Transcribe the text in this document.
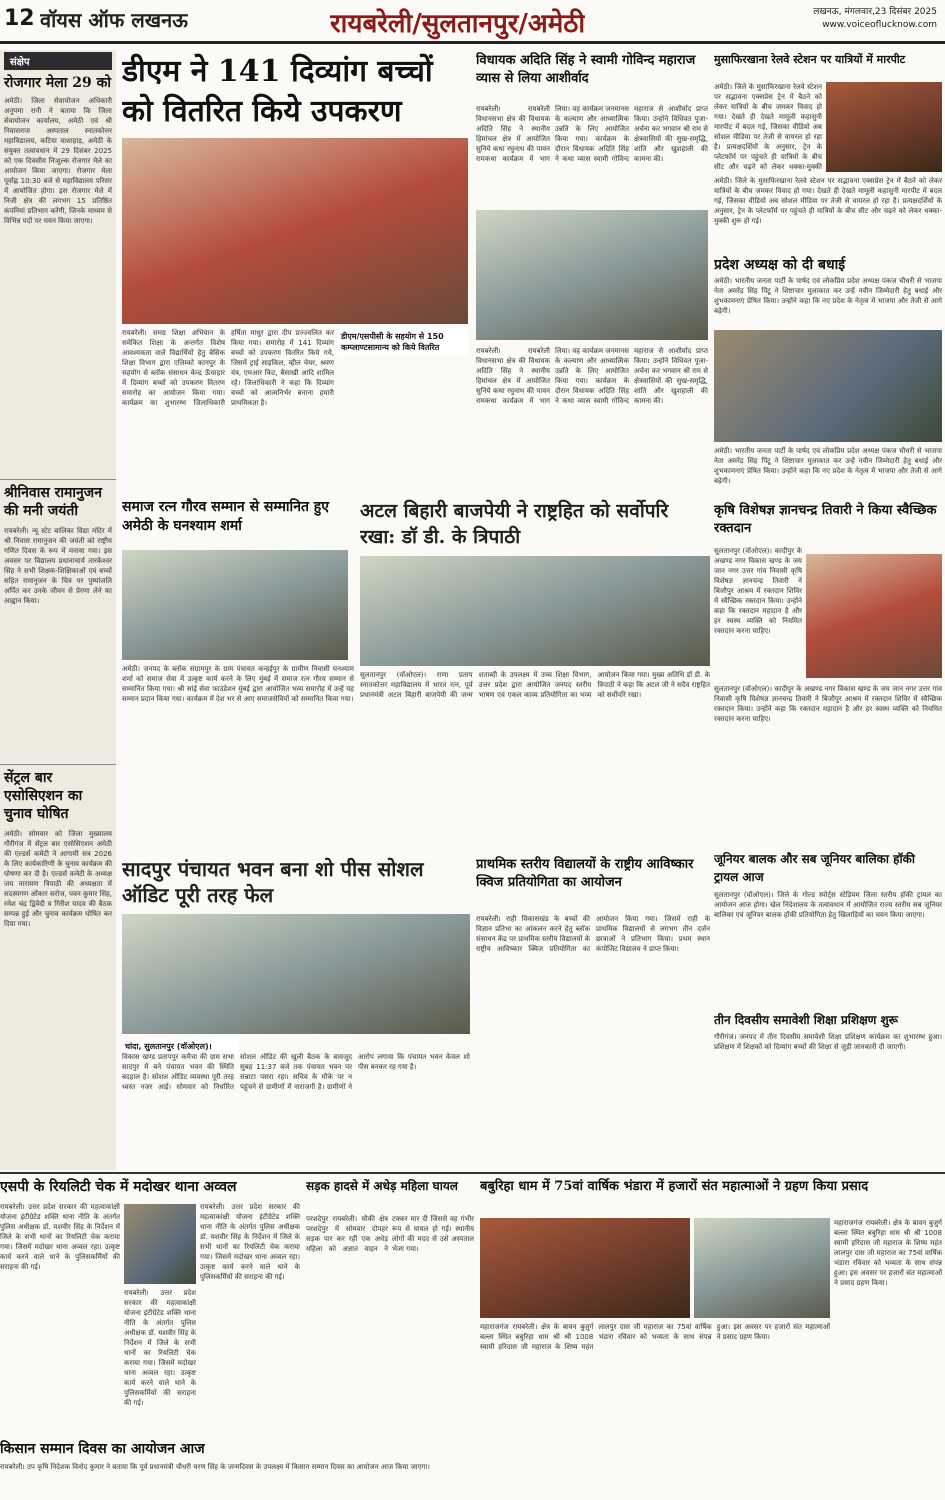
12 वॉयस ऑफ लखनऊ	रायबरेली/सुलतानपुर/अमेठी	लखनऊ, मंगलवार,23 दिसंबर 2025
www.voiceoflucknow.com
संक्षेप
रोजगार मेला 29 को
अमेठी। जिला सेवायोजन अधिकारी अनुपमा रानी ने बताया कि जिला सेवायोजन कार्यालय, अमेठी एवं श्री निवासराज अस्पताल स्नातकोत्तर महाविद्यालय, कटिया वाशाहाड़, अमेठी के संयुक्त तत्वावधान में 29 दिसंबर 2025 को एक दिवसीय निःशुल्क रोजगार मेले का आयोजन किया जाएगा। रोजगार मेला पूर्वाह्न 10:30 बजे से महाविद्यालय परिसर में आयोजित होगा। इस रोजगार मेले में निजी क्षेत्र की लगभग 15 प्रतिष्ठित कंपनियां प्रतिभाग करेंगी, जिनके माध्यम से विभिन्न पदों पर चयन किया जाएगा।
श्रीनिवास रामानुजन की मनी जयंती
रायबरेली। न्यू स्टेट बालिका विद्या मंदिर में श्री निवास रामानुजन की जयंती को राष्ट्रीय गणित दिवस के रूप में मनाया गया। इस अवसर पर विद्यालय प्रधानाचार्य तारकेश्वर सिंह ने सभी शिक्षक-शिक्षिकाओं एवं बच्चों सहित रामानुजन के चित्र पर पुष्पांजलि अर्पित कर उनके जीवन से प्रेरणा लेने का आह्वान किया।
सेंट्रल बार एसोसिएशन का चुनाव घोषित
अमेठी। सोमवार को जिला मुख्यालय गौरीगंज में सेंट्रल बार एसोसिएशन अमेठी की एल्डर्स कमेटी ने आगामी सत्र 2026 के लिए कार्यकारिणी के चुनाव कार्यक्रम की घोषणा कर दी है। एल्डर्स कमेटी के अध्यक्ष जय नारायण त्रिपाठी की अध्यक्षता में सदस्यगण ओंकार सरोज, पवन कुमार सिंह, रमेश चंद्र द्विवेदी व गिरीश यादव की बैठक सम्पन्न हुई और चुनाव कार्यक्रम घोषित कर दिया गया।
डीएम ने 141 दिव्यांग बच्चों को वितरित किये उपकरण
डीएम/एसपीसी के सहयोग से 150 कम्प्लाण्टसामान्य को किये वितरित
रायबरेली। समग्र शिक्षा अभियान के समेकित शिक्षा के अन्तर्गत विशेष आवश्यकता वाले विद्यार्थियों हेतु बेसिक शिक्षा विभाग द्वारा एलिम्को कानपुर के सहयोग से ब्लॉक संसाधन केन्द्र ऊँचाहार में दिव्यांग बच्चों को उपकरण वितरण समारोह का आयोजन किया गया। कार्यक्रम का शुभारम्भ जिलाधिकारी हर्षिता माथुर द्वारा दीप प्रज्ज्वलित कर किया गया। समारोह में 141 दिव्यांग बच्चों को उपकरण वितरित किये गये, जिसमें ट्राई साइकिल, व्हील चेयर, श्रवण यंत्र, एमआर किट, बैसाखी आदि शामिल रहे। जिलाधिकारी ने कहा कि दिव्यांग बच्चों को आत्मनिर्भर बनाना हमारी प्राथमिकता है।
विधायक अदिति सिंह ने स्वामी गोविन्द महाराज व्यास से लिया आशीर्वाद
रायबरेली। रायबरेली विधानसभा क्षेत्र की विधायक अदिति सिंह ने स्थानीय हिमांचल क्षेत्र में आयोजित सुनिये कथा रघुनाथ की पावन रामकथा कार्यक्रम में भाग लिया। वह कार्यक्रम जनमानस के कल्याण और आध्यात्मिक उन्नति के लिए आयोजित किया गया। कार्यक्रम के दौरान विधायक अदिति सिंह ने कथा व्यास स्वामी गोविन्द महाराज से आशीर्वाद प्राप्त किया। उन्होंने विधिवत पूजा-अर्चना कर भगवान श्री राम से क्षेत्रवासियों की सुख-समृद्धि, शांति और खुशहाली की कामना की।
रायबरेली। रायबरेली विधानसभा क्षेत्र की विधायक अदिति सिंह ने स्थानीय हिमांचल क्षेत्र में आयोजित सुनिये कथा रघुनाथ की पावन रामकथा कार्यक्रम में भाग लिया। वह कार्यक्रम जनमानस के कल्याण और आध्यात्मिक उन्नति के लिए आयोजित किया गया। कार्यक्रम के दौरान विधायक अदिति सिंह ने कथा व्यास स्वामी गोविन्द महाराज से आशीर्वाद प्राप्त किया। उन्होंने विधिवत पूजा-अर्चना कर भगवान श्री राम से क्षेत्रवासियों की सुख-समृद्धि, शांति और खुशहाली की कामना की।
मुसाफिरखाना रेलवे स्टेशन पर यात्रियों में मारपीट
अमेठी। जिले के मुसाफिरखाना रेलवे स्टेशन पर सद्भावना एक्सप्रेस ट्रेन में बैठने को लेकर यात्रियों के बीच जमकर विवाद हो गया। देखते ही देखते मामूली कहासुनी मारपीट में बदल गई, जिसका वीडियो अब सोशल मीडिया पर तेजी से वायरल हो रहा है। प्रत्यक्षदर्शियों के अनुसार, ट्रेन के प्लेटफॉर्म पर पहुंचते ही यात्रियों के बीच सीट और चढ़ने को लेकर धक्का-मुक्की
अमेठी। जिले के मुसाफिरखाना रेलवे स्टेशन पर सद्भावना एक्सप्रेस ट्रेन में बैठने को लेकर यात्रियों के बीच जमकर विवाद हो गया। देखते ही देखते मामूली कहासुनी मारपीट में बदल गई, जिसका वीडियो अब सोशल मीडिया पर तेजी से वायरल हो रहा है। प्रत्यक्षदर्शियों के अनुसार, ट्रेन के प्लेटफॉर्म पर पहुंचते ही यात्रियों के बीच सीट और चढ़ने को लेकर धक्का-मुक्की शुरू हो गई।
प्रदेश अध्यक्ष को दी बधाई
अमेठी। भारतीय जनता पार्टी के पार्षद एवं लोकप्रिय प्रदेश अध्यक्ष पंकज चौधरी से भाजपा नेता अमरेंद्र सिंह पिंटू ने शिष्टाचार मुलाकात कर उन्हें नवीन जिम्मेदारी हेतु बधाई और शुभकामनाएं प्रेषित किया। उन्होंने कहा कि नए प्रदेश के नेतृत्व में भाजपा और तेजी से आगे बढ़ेगी।
अमेठी। भारतीय जनता पार्टी के पार्षद एवं लोकप्रिय प्रदेश अध्यक्ष पंकज चौधरी से भाजपा नेता अमरेंद्र सिंह पिंटू ने शिष्टाचार मुलाकात कर उन्हें नवीन जिम्मेदारी हेतु बधाई और शुभकामनाएं प्रेषित किया। उन्होंने कहा कि नए प्रदेश के नेतृत्व में भाजपा और तेजी से आगे बढ़ेगी।
कृषि विशेषज्ञ ज्ञानचन्द्र तिवारी ने किया स्वैच्छिक रक्तदान
सुलतानपुर (वॉओएल)। कादीपुर के अखण्ड नगर विकास खण्ड के जय जान नगर उत्तर गांव निवासी कृषि विशेषज्ञ ज्ञानचन्द्र तिवारी ने बिजौपुर आश्रम में रक्तदान शिविर में स्वैच्छिक रक्तदान किया। उन्होंने कहा कि रक्तदान महादान है और हर स्वस्थ व्यक्ति को नियमित रक्तदान करना चाहिए।
सुलतानपुर (वॉओएल)। कादीपुर के अखण्ड नगर विकास खण्ड के जय जान नगर उत्तर गांव निवासी कृषि विशेषज्ञ ज्ञानचन्द्र तिवारी ने बिजौपुर आश्रम में रक्तदान शिविर में स्वैच्छिक रक्तदान किया। उन्होंने कहा कि रक्तदान महादान है और हर स्वस्थ व्यक्ति को नियमित रक्तदान करना चाहिए।
जूनियर बालक और सब जूनियर बालिका हॉकी ट्रायल आज
सुलतानपुर (वॉओएल)। जिले के गोल्ड स्पोर्ट्स स्टेडियम जिला स्तरीय हॉकी ट्रायल का आयोजन आज होगा। खेल निदेशालय के तत्वावधान में आयोजित राज्य स्तरीय सब जूनियर बालिका एवं जूनियर बालक हॉकी प्रतियोगिता हेतु खिलाड़ियों का चयन किया जाएगा।
तीन दिवसीय समावेशी शिक्षा प्रशिक्षण शुरू
गौरीगंज। जनपद में तीन दिवसीय समावेशी शिक्षा प्रशिक्षण कार्यक्रम का शुभारम्भ हुआ। प्रशिक्षण में शिक्षकों को दिव्यांग बच्चों की शिक्षा से जुड़ी जानकारी दी जाएगी।
समाज रत्न गौरव सम्मान से सम्मानित हुए अमेठी के घनश्याम शर्मा
अमेठी। जनपद के ब्लॉक संग्रामपुर के ग्राम पंचायत कन्हईपुर के ग्रामीण निवासी घनश्याम शर्मा को समाज सेवा में उत्कृष्ट कार्य करने के लिए मुंबई में समाज रत्न गौरव सम्मान से सम्मानित किया गया। श्री सांई सेवा फाउंडेशन मुंबई द्वारा आयोजित भव्य समारोह में उन्हें यह सम्मान प्रदान किया गया। कार्यक्रम में देश भर से आए समाजसेवियों को सम्मानित किया गया।
अटल बिहारी बाजपेयी ने राष्ट्रहित को सर्वोपरि रखा: डॉ डी. के त्रिपाठी
सुलतानपुर (वॉओएल)। राणा प्रताप स्नातकोत्तर महाविद्यालय में भारत रत्न, पूर्व प्रधानमंत्री अटल बिहारी बाजपेयी की जन्म शताब्दी के उपलक्ष्य में उच्च शिक्षा विभाग, उत्तर प्रदेश द्वारा आयोजित जनपद स्तरीय भाषण एवं एकल काव्य प्रतियोगिता का भव्य आयोजन किया गया। मुख्य अतिथि डॉ डी. के त्रिपाठी ने कहा कि अटल जी ने सदैव राष्ट्रहित को सर्वोपरि रखा।
सादपुर पंचायत भवन बना शो पीस सोशल ऑडिट पूरी तरह फेल
चांदा, सुलतानपुर (वॉओएल)।
विकास खण्ड प्रतापपुर कमैचा की ग्राम सभा सादपुर में बने पंचायत भवन की स्थिति बदहाल है। सोशल ऑडिट व्यवस्था पूरी तरह ध्वस्त नजर आई। सोमवार को निर्धारित सोशल ऑडिट की खुली बैठक के बावजूद सुबह 11:37 बजे तक पंचायत भवन पर सन्नाटा पसरा रहा। सचिव के मौके पर न पहुंचने से ग्रामीणों में नाराजगी है। ग्रामीणों ने आरोप लगाया कि पंचायत भवन केवल शो पीस बनकर रह गया है।
प्राथमिक स्तरीय विद्यालयों के राष्ट्रीय आविष्कार क्विज प्रतियोगिता का आयोजन
रायबरेली। राही विकासखंड के बच्चों की विज्ञान प्रतिभा का आंकलन करने हेतु ब्लॉक संसाधन केंद्र पर प्राथमिक स्तरीय विद्यालयों के राष्ट्रीय आविष्कार क्विज प्रतियोगिता का आयोजन किया गया। जिसमें राही के प्राथमिक विद्यालयों से लगभग तीन दर्जन छात्राओं ने प्रतिभाग किया। प्रथम स्थान कंपोजिट विद्यालय ने प्राप्त किया।
एसपी के रियलिटी चेक में मदोखर थाना अव्वल
रायबरेली। उत्तर प्रदेश सरकार की महत्वाकांक्षी योजना इंटीग्रेटेड शक्ति थाना नीति के अंतर्गत पुलिस अधीक्षक डॉ. यशवीर सिंह के निर्देशन में जिले के सभी थानों का रियलिटी चेक कराया गया। जिसमें मदोखर थाना अव्वल रहा। उत्कृष्ट कार्य करने वाले थाने के पुलिसकर्मियों की सराहना की गई।
रायबरेली। उत्तर प्रदेश सरकार की महत्वाकांक्षी योजना इंटीग्रेटेड शक्ति थाना नीति के अंतर्गत पुलिस अधीक्षक डॉ. यशवीर सिंह के निर्देशन में जिले के सभी थानों का रियलिटी चेक कराया गया। जिसमें मदोखर थाना अव्वल रहा। उत्कृष्ट कार्य करने वाले थाने के पुलिसकर्मियों की सराहना की गई।
रायबरेली। उत्तर प्रदेश सरकार की महत्वाकांक्षी योजना इंटीग्रेटेड शक्ति थाना नीति के अंतर्गत पुलिस अधीक्षक डॉ. यशवीर सिंह के निर्देशन में जिले के सभी थानों का रियलिटी चेक कराया गया। जिसमें मदोखर थाना अव्वल रहा। उत्कृष्ट कार्य करने वाले थाने के पुलिसकर्मियों की सराहना की गई।
सड़क हादसे में अधेड़ महिला घायल
परशदेपुर रायबरेली। चौकी क्षेत्र परशदेपुर में सोमवार दोपहर सड़क पार कर रही एक अधेड़ महिला को अज्ञात वाहन ने टक्कर मार दी जिससे वह गंभीर रूप से घायल हो गई। स्थानीय लोगों की मदद से उसे अस्पताल भेजा गया।
बबुरिहा धाम में 75वां वार्षिक भंडारा में हजारों संत महात्माओं ने ग्रहण किया प्रसाद
महाराजगंज रायबरेली। क्षेत्र के बावन बुजुर्ग बल्ला स्थित बबुरिहा धाम श्री श्री 1008 स्वामी हरिदास जी महाराज के शिष्य महंत लालपुर दास जी महाराज का 75वां वार्षिक भंडारा रविवार को भव्यता के साथ संपन्न हुआ। इस अवसर पर हजारों संत महात्माओं ने प्रसाद ग्रहण किया।
महाराजगंज रायबरेली। क्षेत्र के बावन बुजुर्ग बल्ला स्थित बबुरिहा धाम श्री श्री 1008 स्वामी हरिदास जी महाराज के शिष्य महंत लालपुर दास जी महाराज का 75वां वार्षिक भंडारा रविवार को भव्यता के साथ संपन्न हुआ। इस अवसर पर हजारों संत महात्माओं ने प्रसाद ग्रहण किया।
किसान सम्मान दिवस का आयोजन आज
रायबरेली। उप कृषि निदेशक विनोद कुमार ने बताया कि पूर्व प्रधानमंत्री चौधरी चरण सिंह के जन्मदिवस के उपलक्ष्य में किसान सम्मान दिवस का आयोजन आज किया जाएगा।
